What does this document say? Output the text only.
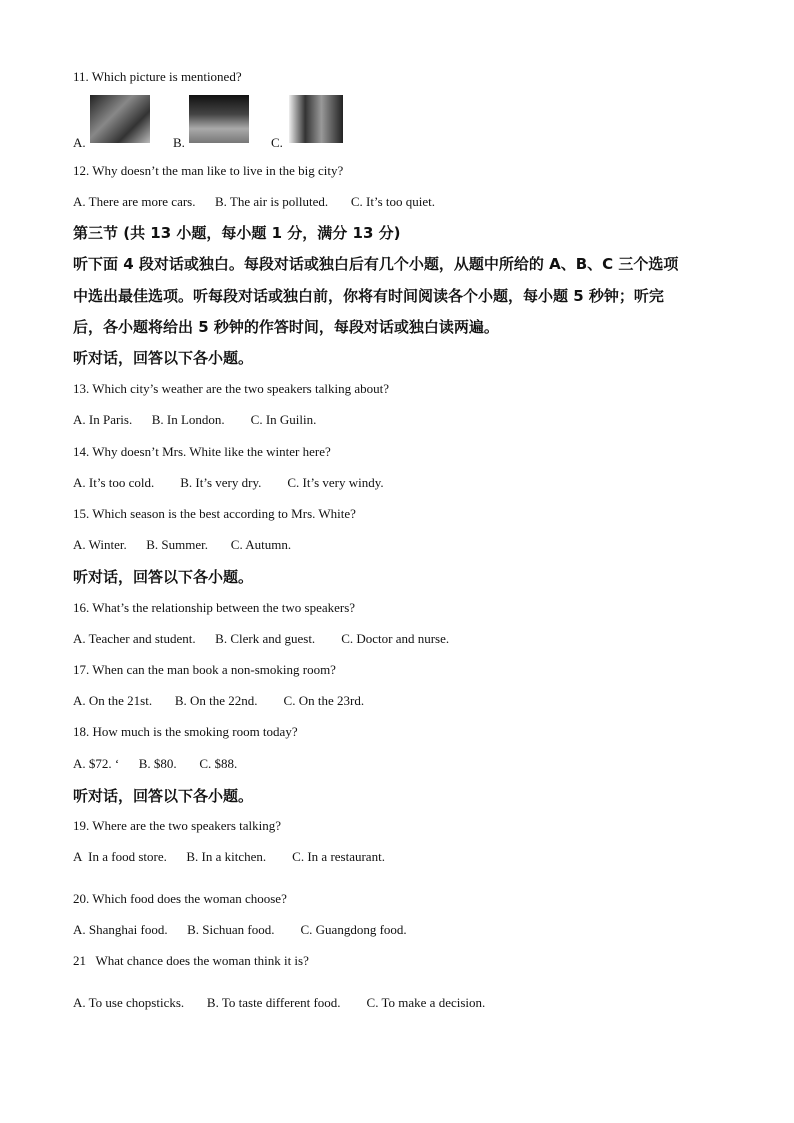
11. Which picture is mentioned?
A.	B.	C.
12. Why doesn’t the man like to live in the big city?
A. There are more cars. B. The air is polluted. C. It’s too quiet.
第三节 (共 13 小题，每小题 1 分，满分 13 分)
听下面 4 段对话或独白。每段对话或独白后有几个小题，从题中所给的 A、B、C 三个选项
中选出最佳选项。听每段对话或独白前，你将有时间阅读各个小题，每小题 5 秒钟；听完
后，各小题将给出 5 秒钟的作答时间，每段对话或独白读两遍。
听对话，回答以下各小题。
13. Which city’s weather are the two speakers talking about?
A. In Paris. B. In London. C. In Guilin.
14. Why doesn’t Mrs. White like the winter here?
A. It’s too cold. B. It’s very dry. C. It’s very windy.
15. Which season is the best according to Mrs. White?
A. Winter. B. Summer. C. Autumn.
听对话，回答以下各小题。
16. What’s the relationship between the two speakers?
A. Teacher and student. B. Clerk and guest. C. Doctor and nurse.
17. When can the man book a non-smoking room?
A. On the 21st. B. On the 22nd. C. On the 23rd.
18. How much is the smoking room today?
A. $72. ‘ B. $80. C. $88.
听对话，回答以下各小题。
19. Where are the two speakers talking?
A  In a food store. B. In a kitchen. C. In a restaurant.
20. Which food does the woman choose?
A. Shanghai food. B. Sichuan food. C. Guangdong food.
21   What chance does the woman think it is?
A. To use chopsticks. B. To taste different food. C. To make a decision.
